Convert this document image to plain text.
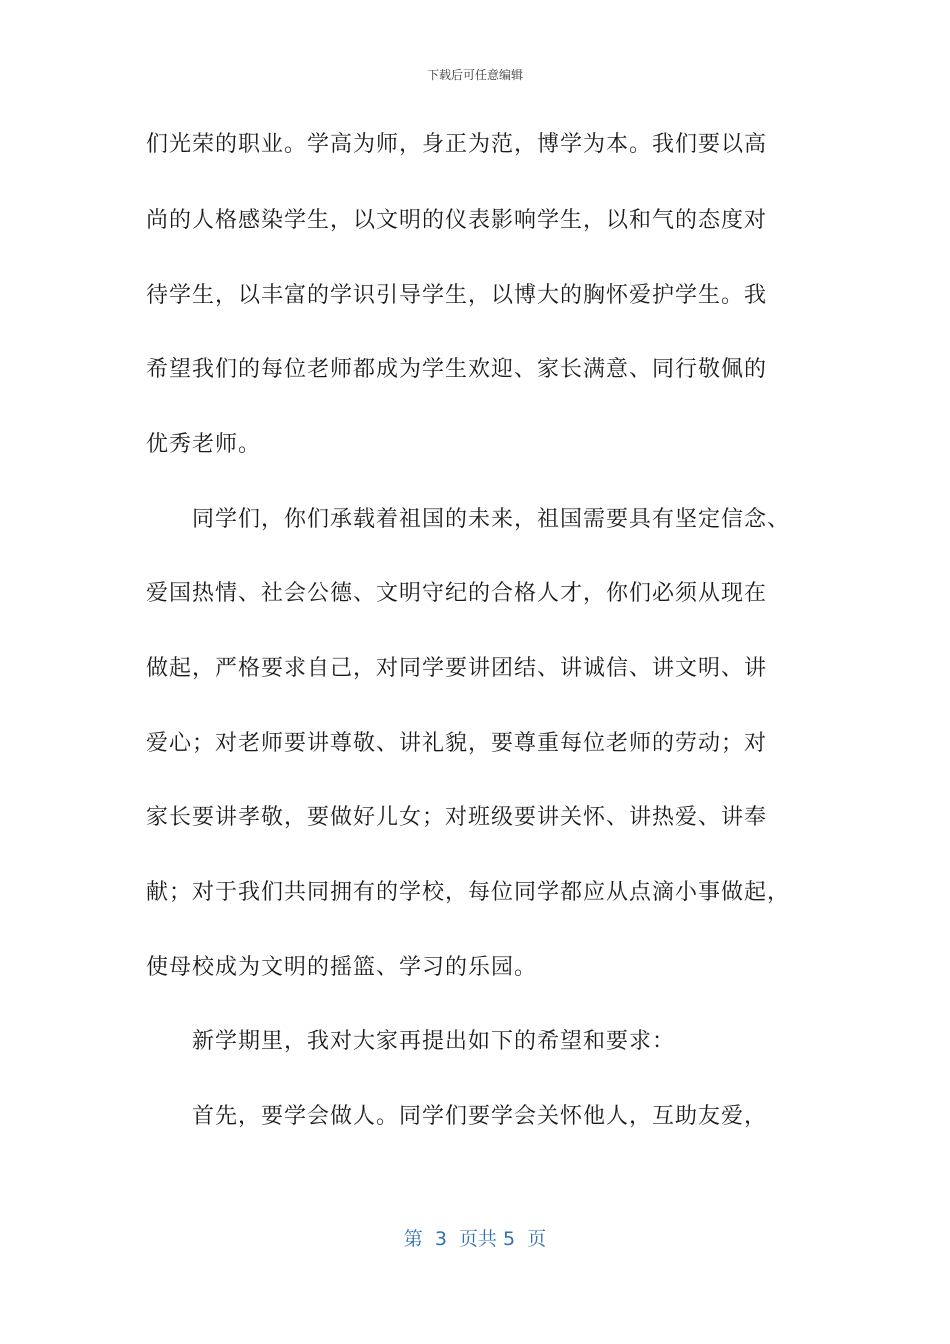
下载后可任意编辑
们光荣的职业。学高为师，身正为范，博学为本。我们要以高
尚的人格感染学生，以文明的仪表影响学生，以和气的态度对
待学生，以丰富的学识引导学生，以博大的胸怀爱护学生。我
希望我们的每位老师都成为学生欢迎、家长满意、同行敬佩的
优秀老师。
同学们，你们承载着祖国的未来，祖国需要具有坚定信念、
爱国热情、社会公德、文明守纪的合格人才，你们必须从现在
做起，严格要求自己，对同学要讲团结、讲诚信、讲文明、讲
爱心；对老师要讲尊敬、讲礼貌，要尊重每位老师的劳动；对
家长要讲孝敬，要做好儿女；对班级要讲关怀、讲热爱、讲奉
献；对于我们共同拥有的学校，每位同学都应从点滴小事做起，
使母校成为文明的摇篮、学习的乐园。
新学期里，我对大家再提出如下的希望和要求：
首先，要学会做人。同学们要学会关怀他人，互助友爱，
第  3  页共 5  页
